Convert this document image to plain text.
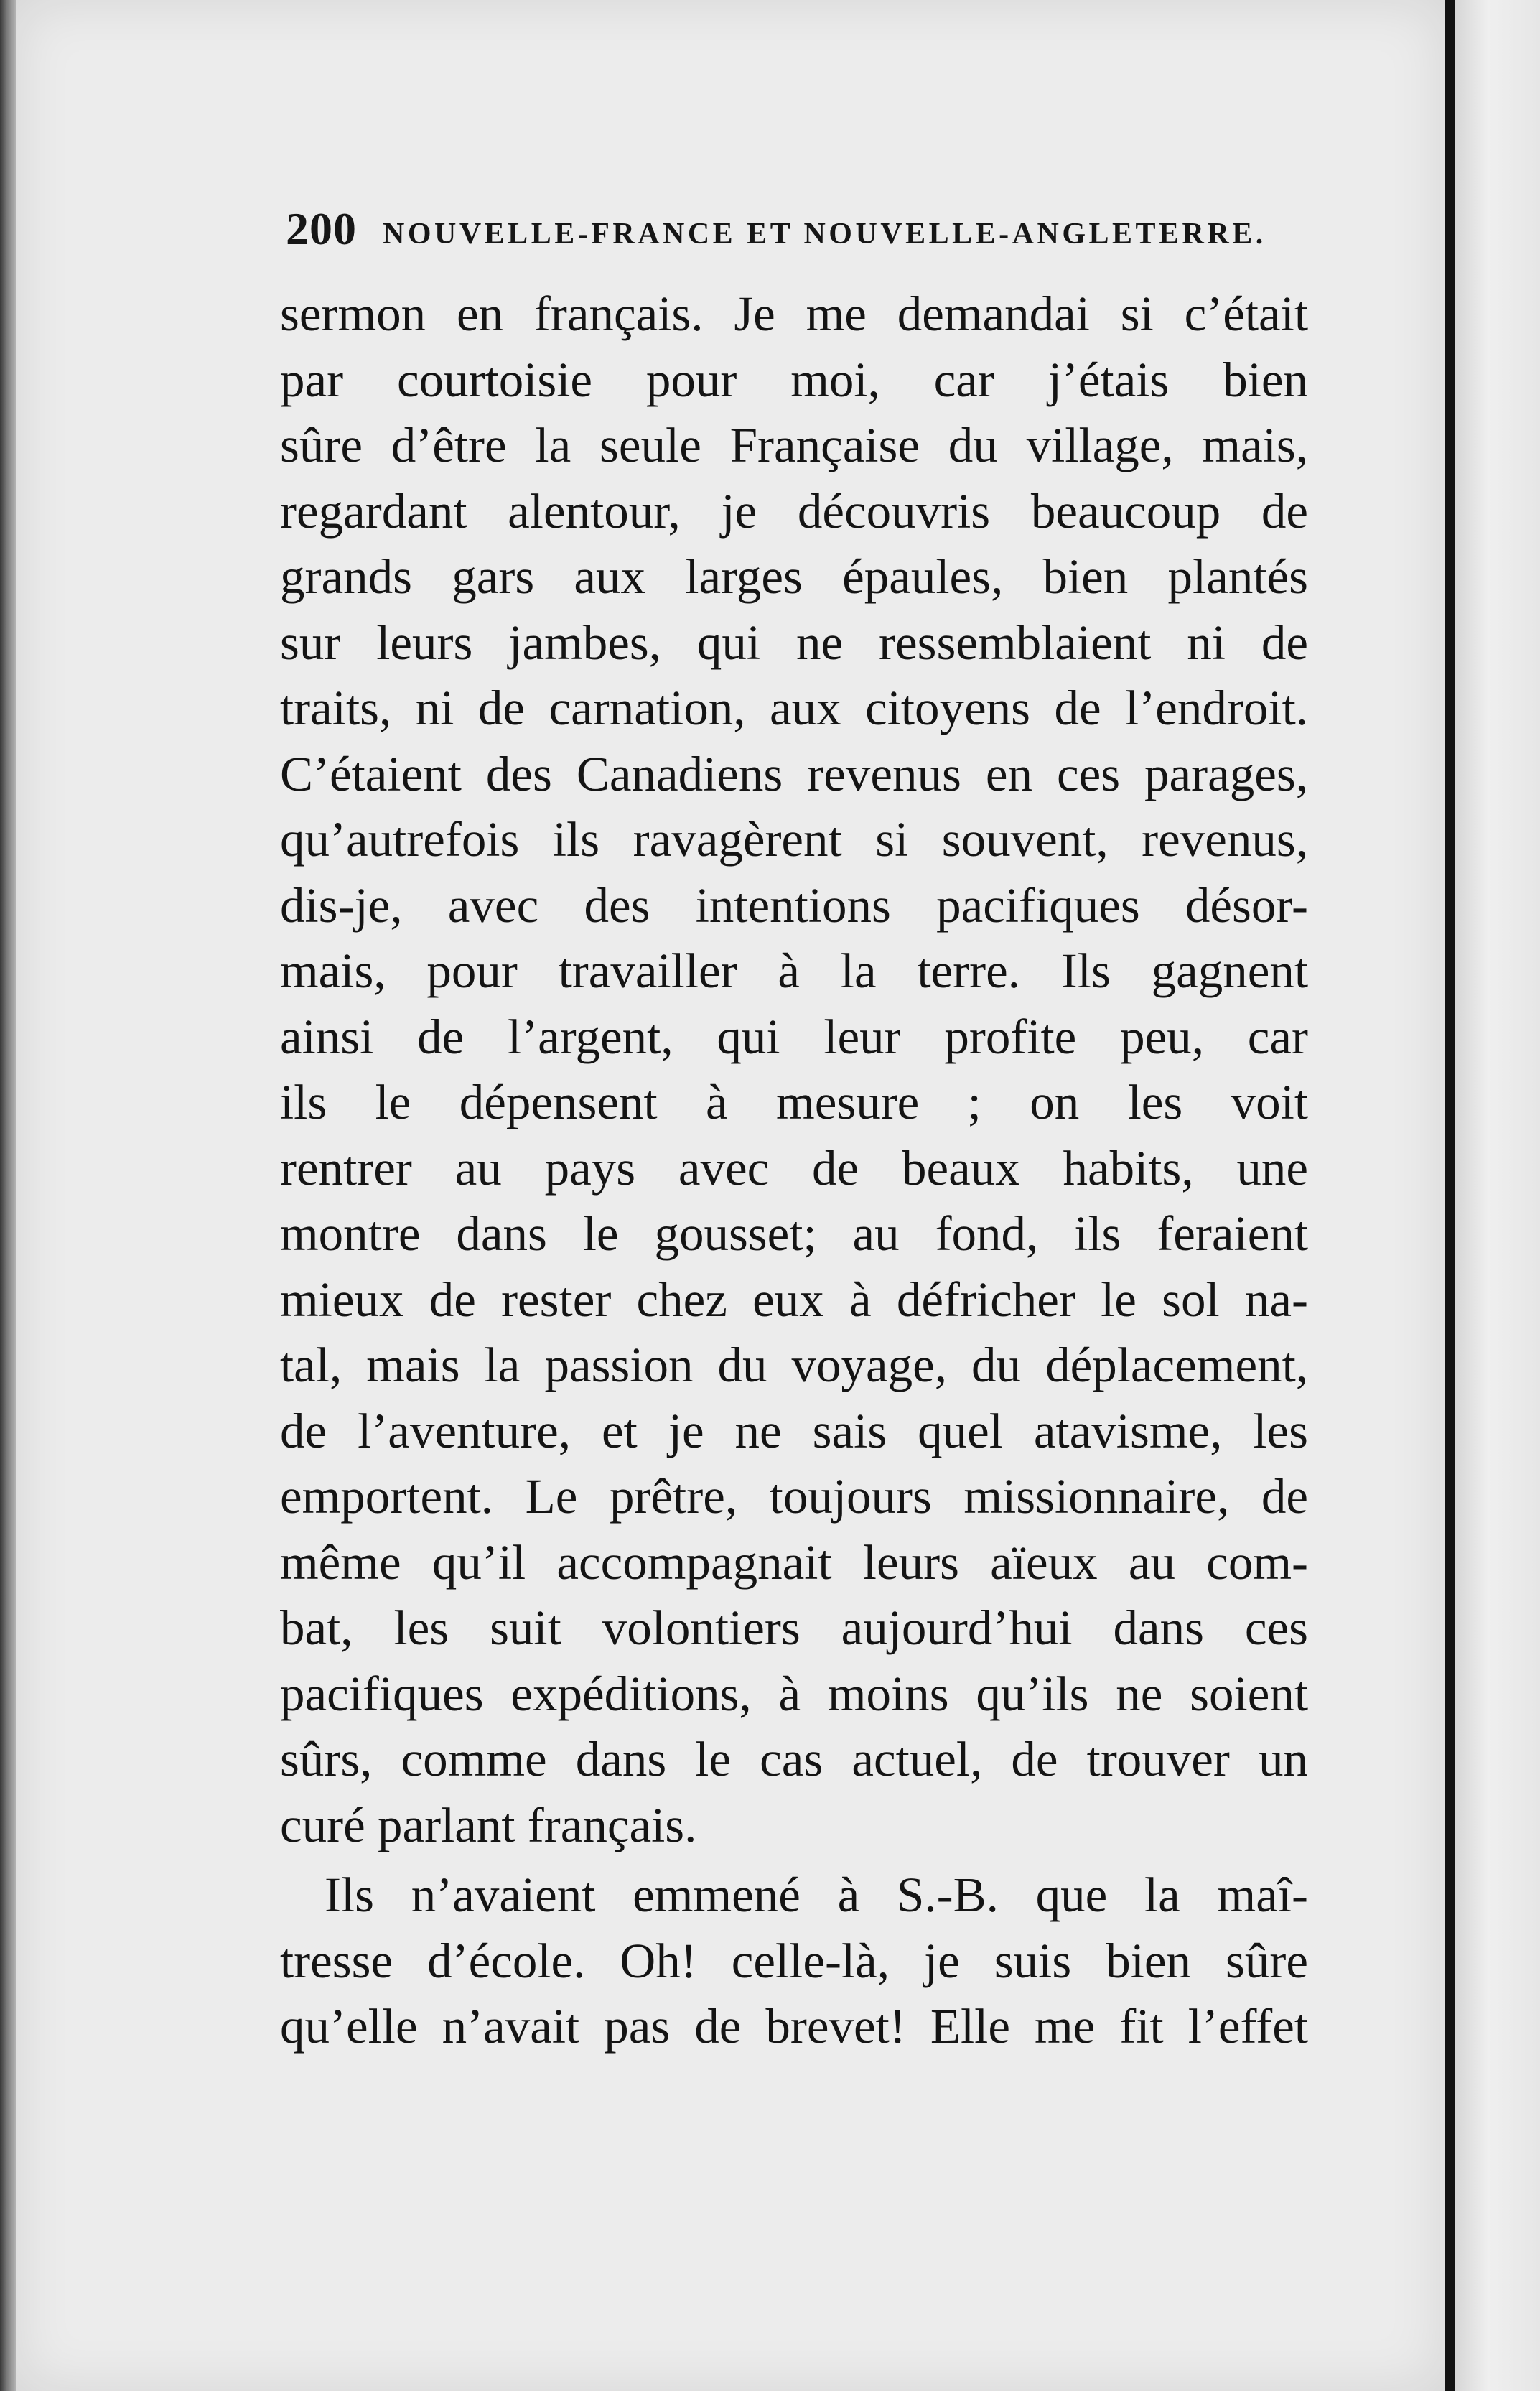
200 NOUVELLE-FRANCE ET NOUVELLE-ANGLETERRE.
sermon en français. Je me demandai si c’était
par courtoisie pour moi, car j’étais bien
sûre d’être la seule Française du village, mais,
regardant alentour, je découvris beaucoup de
grands gars aux larges épaules, bien plantés
sur leurs jambes, qui ne ressemblaient ni de
traits, ni de carnation, aux citoyens de l’endroit.
C’étaient des Canadiens revenus en ces parages,
qu’autrefois ils ravagèrent si souvent, revenus,
dis-je, avec des intentions pacifiques désor-
mais, pour travailler à la terre. Ils gagnent
ainsi de l’argent, qui leur profite peu, car
ils le dépensent à mesure ; on les voit
rentrer au pays avec de beaux habits, une
montre dans le gousset; au fond, ils feraient
mieux de rester chez eux à défricher le sol na-
tal, mais la passion du voyage, du déplacement,
de l’aventure, et je ne sais quel atavisme, les
emportent. Le prêtre, toujours missionnaire, de
même qu’il accompagnait leurs aïeux au com-
bat, les suit volontiers aujourd’hui dans ces
pacifiques expéditions, à moins qu’ils ne soient
sûrs, comme dans le cas actuel, de trouver un
curé parlant français.
Ils n’avaient emmené à S.-B. que la maî-
tresse d’école. Oh! celle-là, je suis bien sûre
qu’elle n’avait pas de brevet! Elle me fit l’effet
